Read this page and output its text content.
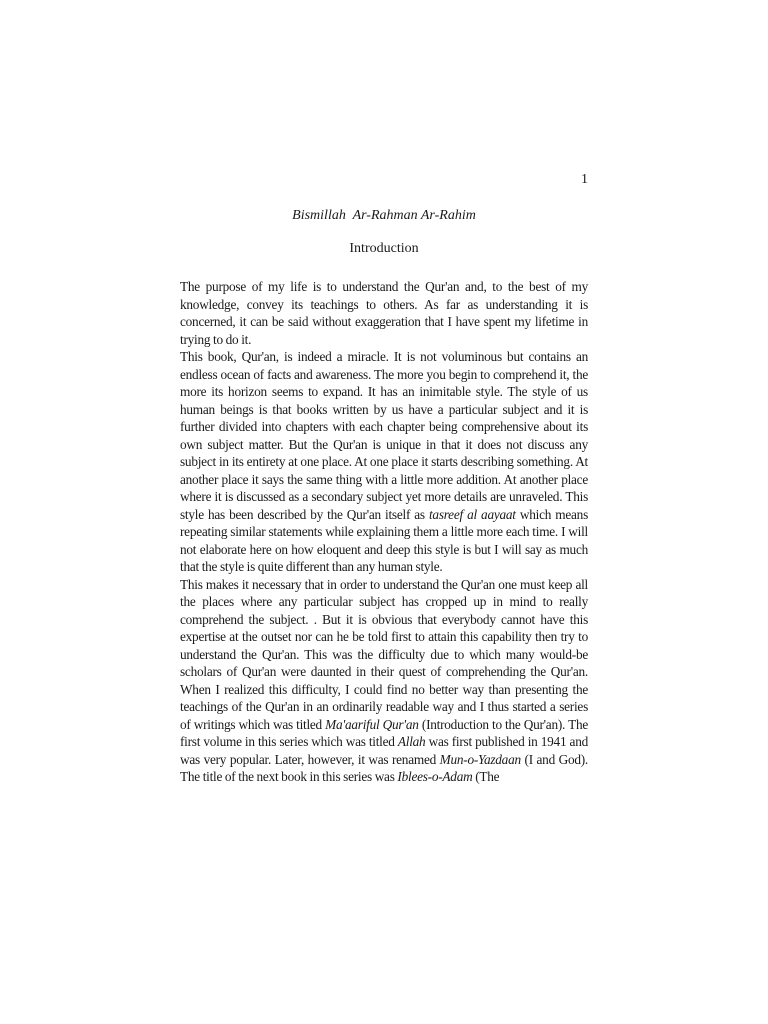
1
Bismillah  Ar-Rahman Ar-Rahim
Introduction

The purpose of my life is to understand the Qur'an and, to the best of my knowledge, convey its teachings to others. As far as understanding it is concerned, it can be said without exaggeration that I have spent my lifetime in trying to do it.

This book, Qur'an, is indeed a miracle. It is not voluminous but contains an endless ocean of facts and awareness. The more you begin to comprehend it, the more its horizon seems to expand. It has an inimitable style. The style of us human beings is that books written by us have a particular subject and it is further divided into chapters with each chapter being comprehensive about its own subject matter. But the Qur'an is unique in that it does not discuss any subject in its entirety at one place. At one place it starts describing something. At another place it says the same thing with a little more addition. At another place where it is discussed as a secondary subject yet more details are unraveled. This style has been described by the Qur'an itself as tasreef al aayaat which means repeating similar statements while explaining them a little more each time. I will not elaborate here on how eloquent and deep this style is but I will say as much that the style is quite different than any human style.

This makes it necessary that in order to understand the Qur'an one must keep all the places where any particular subject has cropped up in mind to really comprehend the subject. . But it is obvious that everybody cannot have this expertise at the outset nor can he be told first to attain this capability then try to understand the Qur'an. This was the difficulty due to which many would-be scholars of Qur'an were daunted in their quest of comprehending the Qur'an. When I realized this difficulty, I could find no better way than presenting the teachings of the Qur'an in an ordinarily readable way and I thus started a series of writings which was titled Ma'aariful Qur'an (Introduction to the Qur'an). The first volume in this series which was titled Allah was first published in 1941 and was very popular. Later, however, it was renamed Mun-o-Yazdaan (I and God). The title of the next book in this series was Iblees-o-Adam (The
